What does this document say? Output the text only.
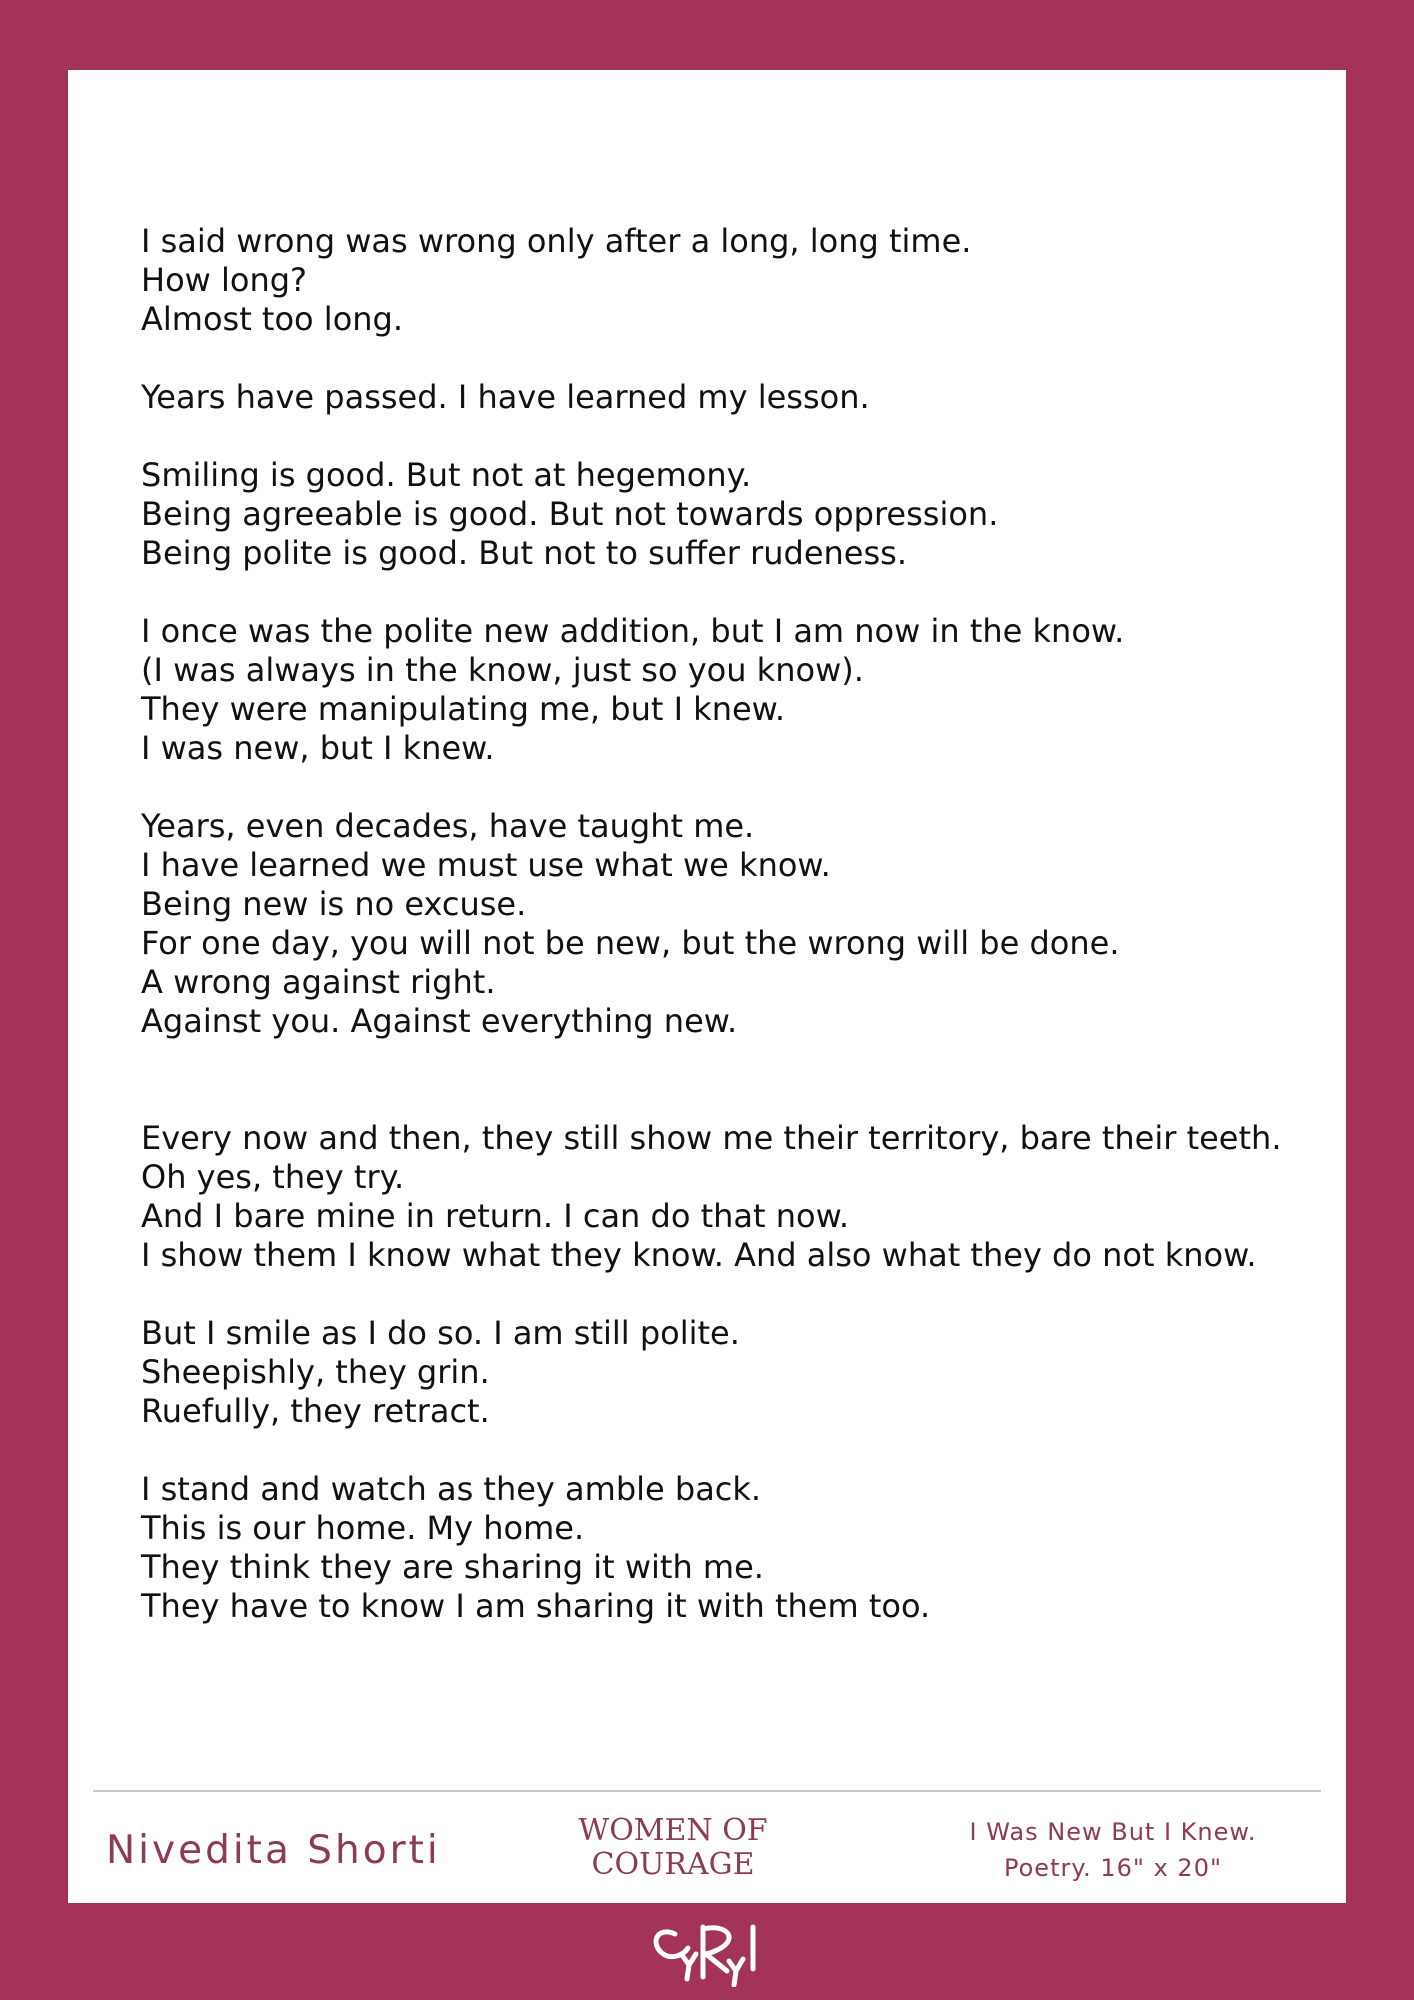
I said wrong was wrong only after a long, long time.
How long?
Almost too long.
Years have passed. I have learned my lesson.
Smiling is good. But not at hegemony.
Being agreeable is good. But not towards oppression.
Being polite is good. But not to suffer rudeness.
I once was the polite new addition, but I am now in the know.
(I was always in the know, just so you know).
They were manipulating me, but I knew.
I was new, but I knew.
Years, even decades, have taught me.
I have learned we must use what we know.
Being new is no excuse.
For one day, you will not be new, but the wrong will be done.
A wrong against right.
Against you. Against everything new.
Every now and then, they still show me their territory, bare their teeth.
Oh yes, they try.
And I bare mine in return. I can do that now.
I show them I know what they know. And also what they do not know.
But I smile as I do so. I am still polite.
Sheepishly, they grin.
Ruefully, they retract.
I stand and watch as they amble back.
This is our home. My home.
They think they are sharing it with me.
They have to know I am sharing it with them too.
Nivedita Shorti	WOMEN OF
COURAGE
I Was New But I Knew.
Poetry. 16" x 20"
